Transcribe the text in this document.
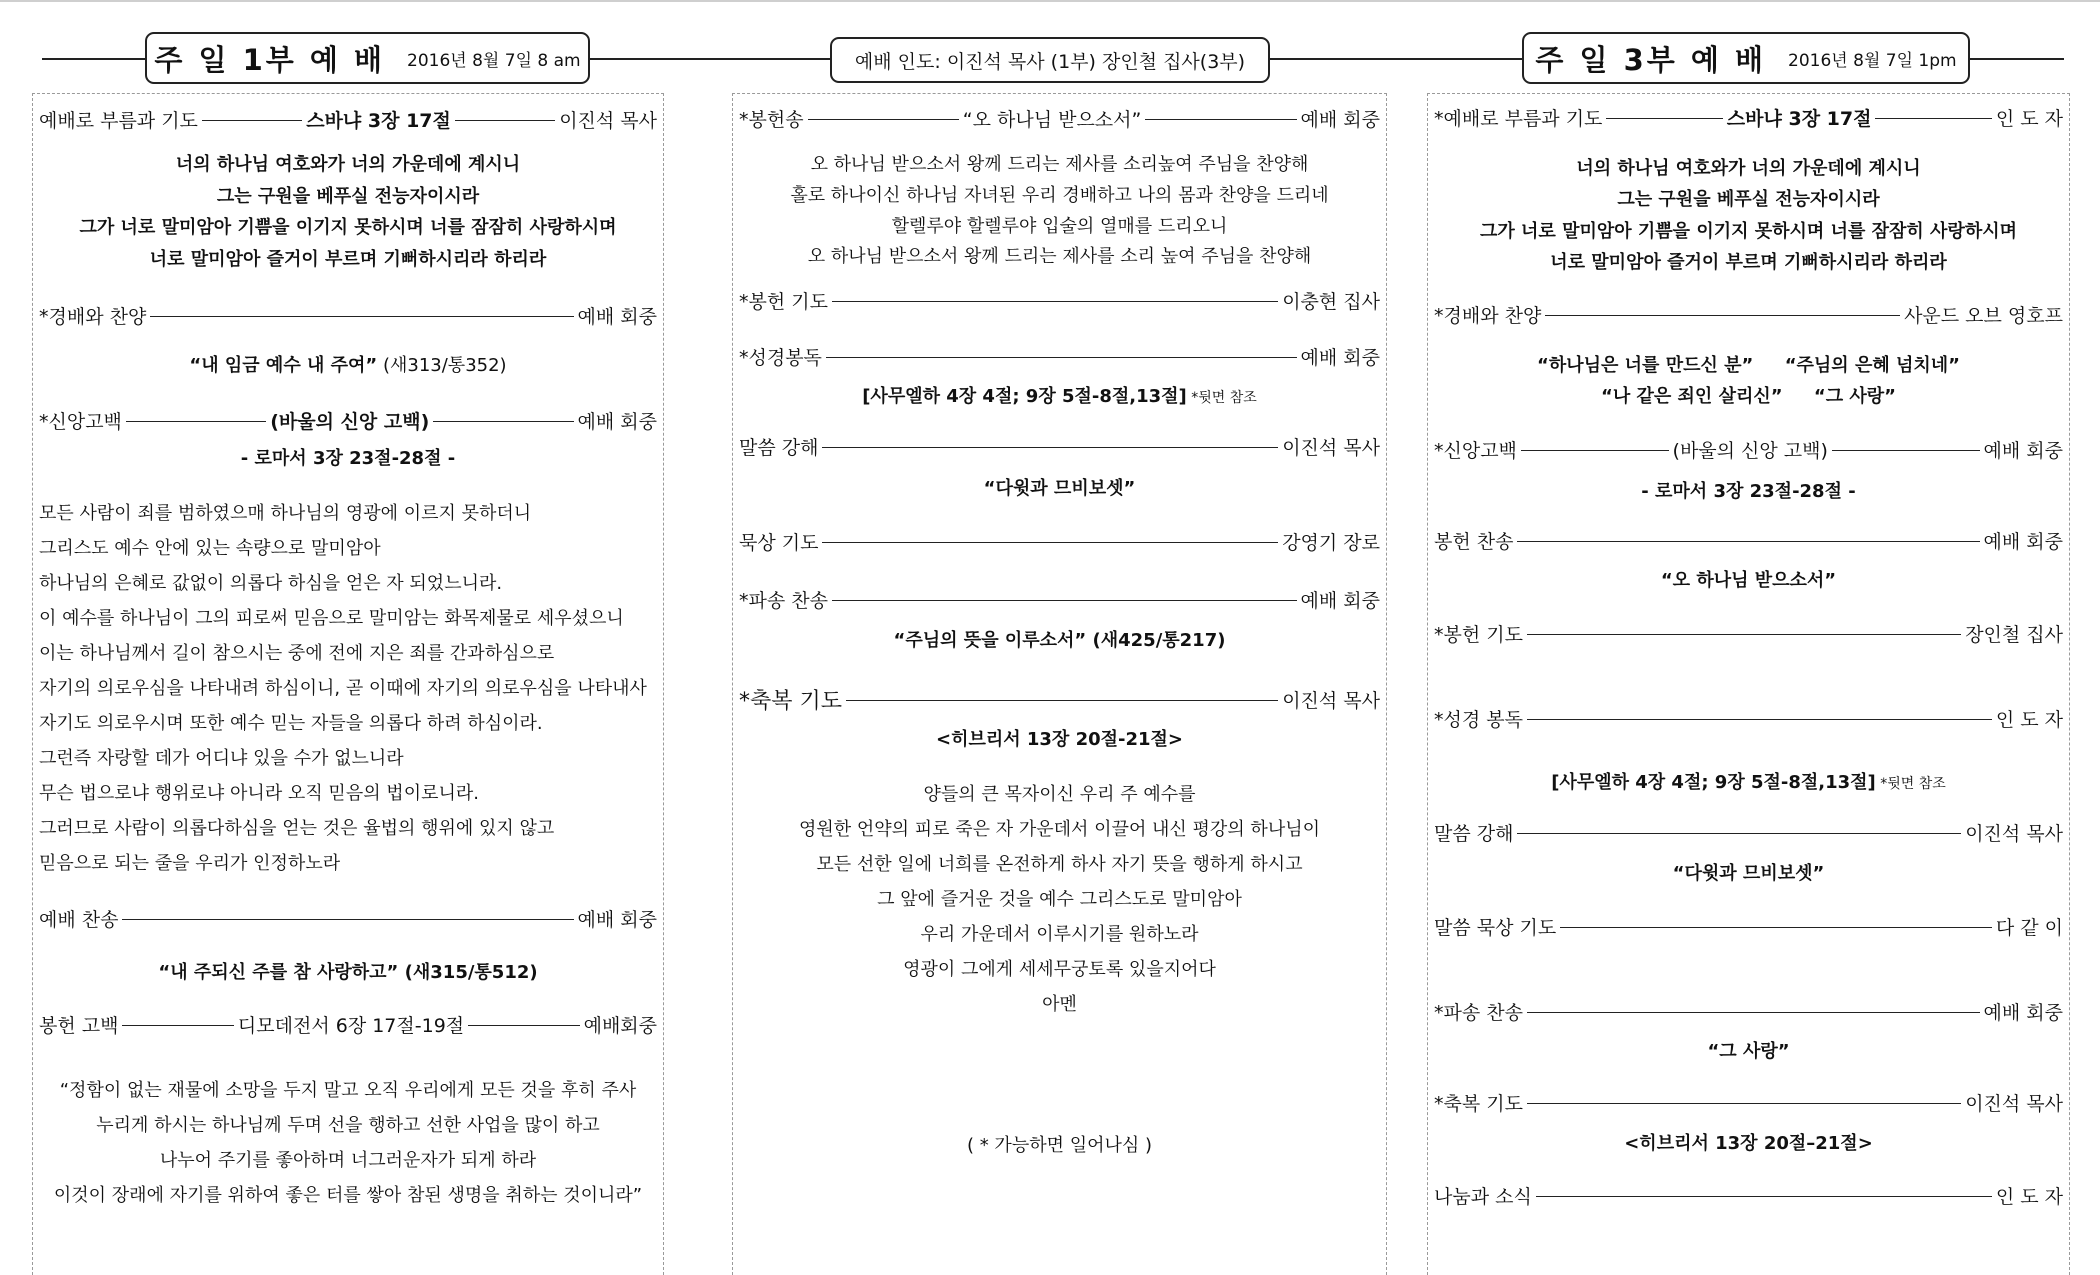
주 일 1부 예 배 2016년 8월 7일 8 am	예배 인도: 이진석 목사 (1부) 장인철 집사(3부)	주 일 3부 예 배 2016년 8월 7일 1pm
예배로 부름과 기도	스바냐 3장 17절	이진석 목사
너의 하나님 여호와가 너의 가운데에 계시니
그는 구원을 베푸실 전능자이시라
그가 너로 말미암아 기쁨을 이기지 못하시며 너를 잠잠히 사랑하시며
너로 말미암아 즐거이 부르며 기뻐하시리라 하리라
*경배와 찬양	예배 회중
“내 임금 예수 내 주여” (새313/통352)
*신앙고백	(바울의 신앙 고백)	예배 회중
- 로마서 3장 23절-28절 -
모든 사람이 죄를 범하였으매 하나님의 영광에 이르지 못하더니
그리스도 예수 안에 있는 속량으로 말미암아
하나님의 은혜로 값없이 의롭다 하심을 얻은 자 되었느니라.
이 예수를 하나님이 그의 피로써 믿음으로 말미암는 화목제물로 세우셨으니
이는 하나님께서 길이 참으시는 중에 전에 지은 죄를 간과하심으로
자기의 의로우심을 나타내려 하심이니, 곧 이때에 자기의 의로우심을 나타내사
자기도 의로우시며 또한 예수 믿는 자들을 의롭다 하려 하심이라.
그런즉 자랑할 데가 어디냐 있을 수가 없느니라
무슨 법으로냐 행위로냐 아니라 오직 믿음의 법이로니라.
그러므로 사람이 의롭다하심을 얻는 것은 율법의 행위에 있지 않고
믿음으로 되는 줄을 우리가 인정하노라
예배 찬송	예배 회중
“내 주되신 주를 참 사랑하고” (새315/통512)
봉헌 고백	디모데전서 6장 17절-19절	예배회중
“정함이 없는 재물에 소망을 두지 말고 오직 우리에게 모든 것을 후히 주사
누리게 하시는 하나님께 두며 선을 행하고 선한 사업을 많이 하고
나누어 주기를 좋아하며 너그러운자가 되게 하라
이것이 장래에 자기를 위하여 좋은 터를 쌓아 참된 생명을 취하는 것이니라”
*봉헌송	“오 하나님 받으소서”	예배 회중
오 하나님 받으소서 왕께 드리는 제사를 소리높여 주님을 찬양해
홀로 하나이신 하나님 자녀된 우리 경배하고 나의 몸과 찬양을 드리네
할렐루야 할렐루야 입술의 열매를 드리오니
오 하나님 받으소서 왕께 드리는 제사를 소리 높여 주님을 찬양해
*봉헌 기도	이충현 집사
*성경봉독	예배 회중
[사무엘하 4장 4절; 9장 5절-8절,13절] *뒷면 참조
말씀 강해	이진석 목사
“다윗과 므비보셋”
묵상 기도	강영기 장로
*파송 찬송	예배 회중
“주님의 뜻을 이루소서” (새425/통217)
*축복 기도	이진석 목사
<히브리서 13장 20절-21절>
양들의 큰 목자이신 우리 주 예수를
영원한 언약의 피로 죽은 자 가운데서 이끌어 내신 평강의 하나님이
모든 선한 일에 너희를 온전하게 하사 자기 뜻을 행하게 하시고
그 앞에 즐거운 것을 예수 그리스도로 말미암아
우리 가운데서 이루시기를 원하노라
영광이 그에게 세세무궁토록 있을지어다
아멘
( * 가능하면 일어나심 )
*예배로 부름과 기도	스바냐 3장 17절	인 도 자
너의 하나님 여호와가 너의 가운데에 계시니
그는 구원을 베푸실 전능자이시라
그가 너로 말미암아 기쁨을 이기지 못하시며 너를 잠잠히 사랑하시며
너로 말미암아 즐거이 부르며 기뻐하시리라 하리라
*경배와 찬양	사운드 오브 영호프
“하나님은 너를 만드신 분”     “주님의 은혜 넘치네”
“나 같은 죄인 살리신”     “그 사랑”
*신앙고백	(바울의 신앙 고백)	예배 회중
- 로마서 3장 23절-28절 -
봉헌 찬송	예배 회중
“오 하나님 받으소서”
*봉헌 기도	장인철 집사
*성경 봉독	인 도 자
[사무엘하 4장 4절; 9장 5절-8절,13절] *뒷면 참조
말씀 강해	이진석 목사
“다윗과 므비보셋”
말씀 묵상 기도	다 같 이
*파송 찬송	예배 회중
“그 사랑”
*축복 기도	이진석 목사
<히브리서 13장 20절–21절>
나눔과 소식	인 도 자
